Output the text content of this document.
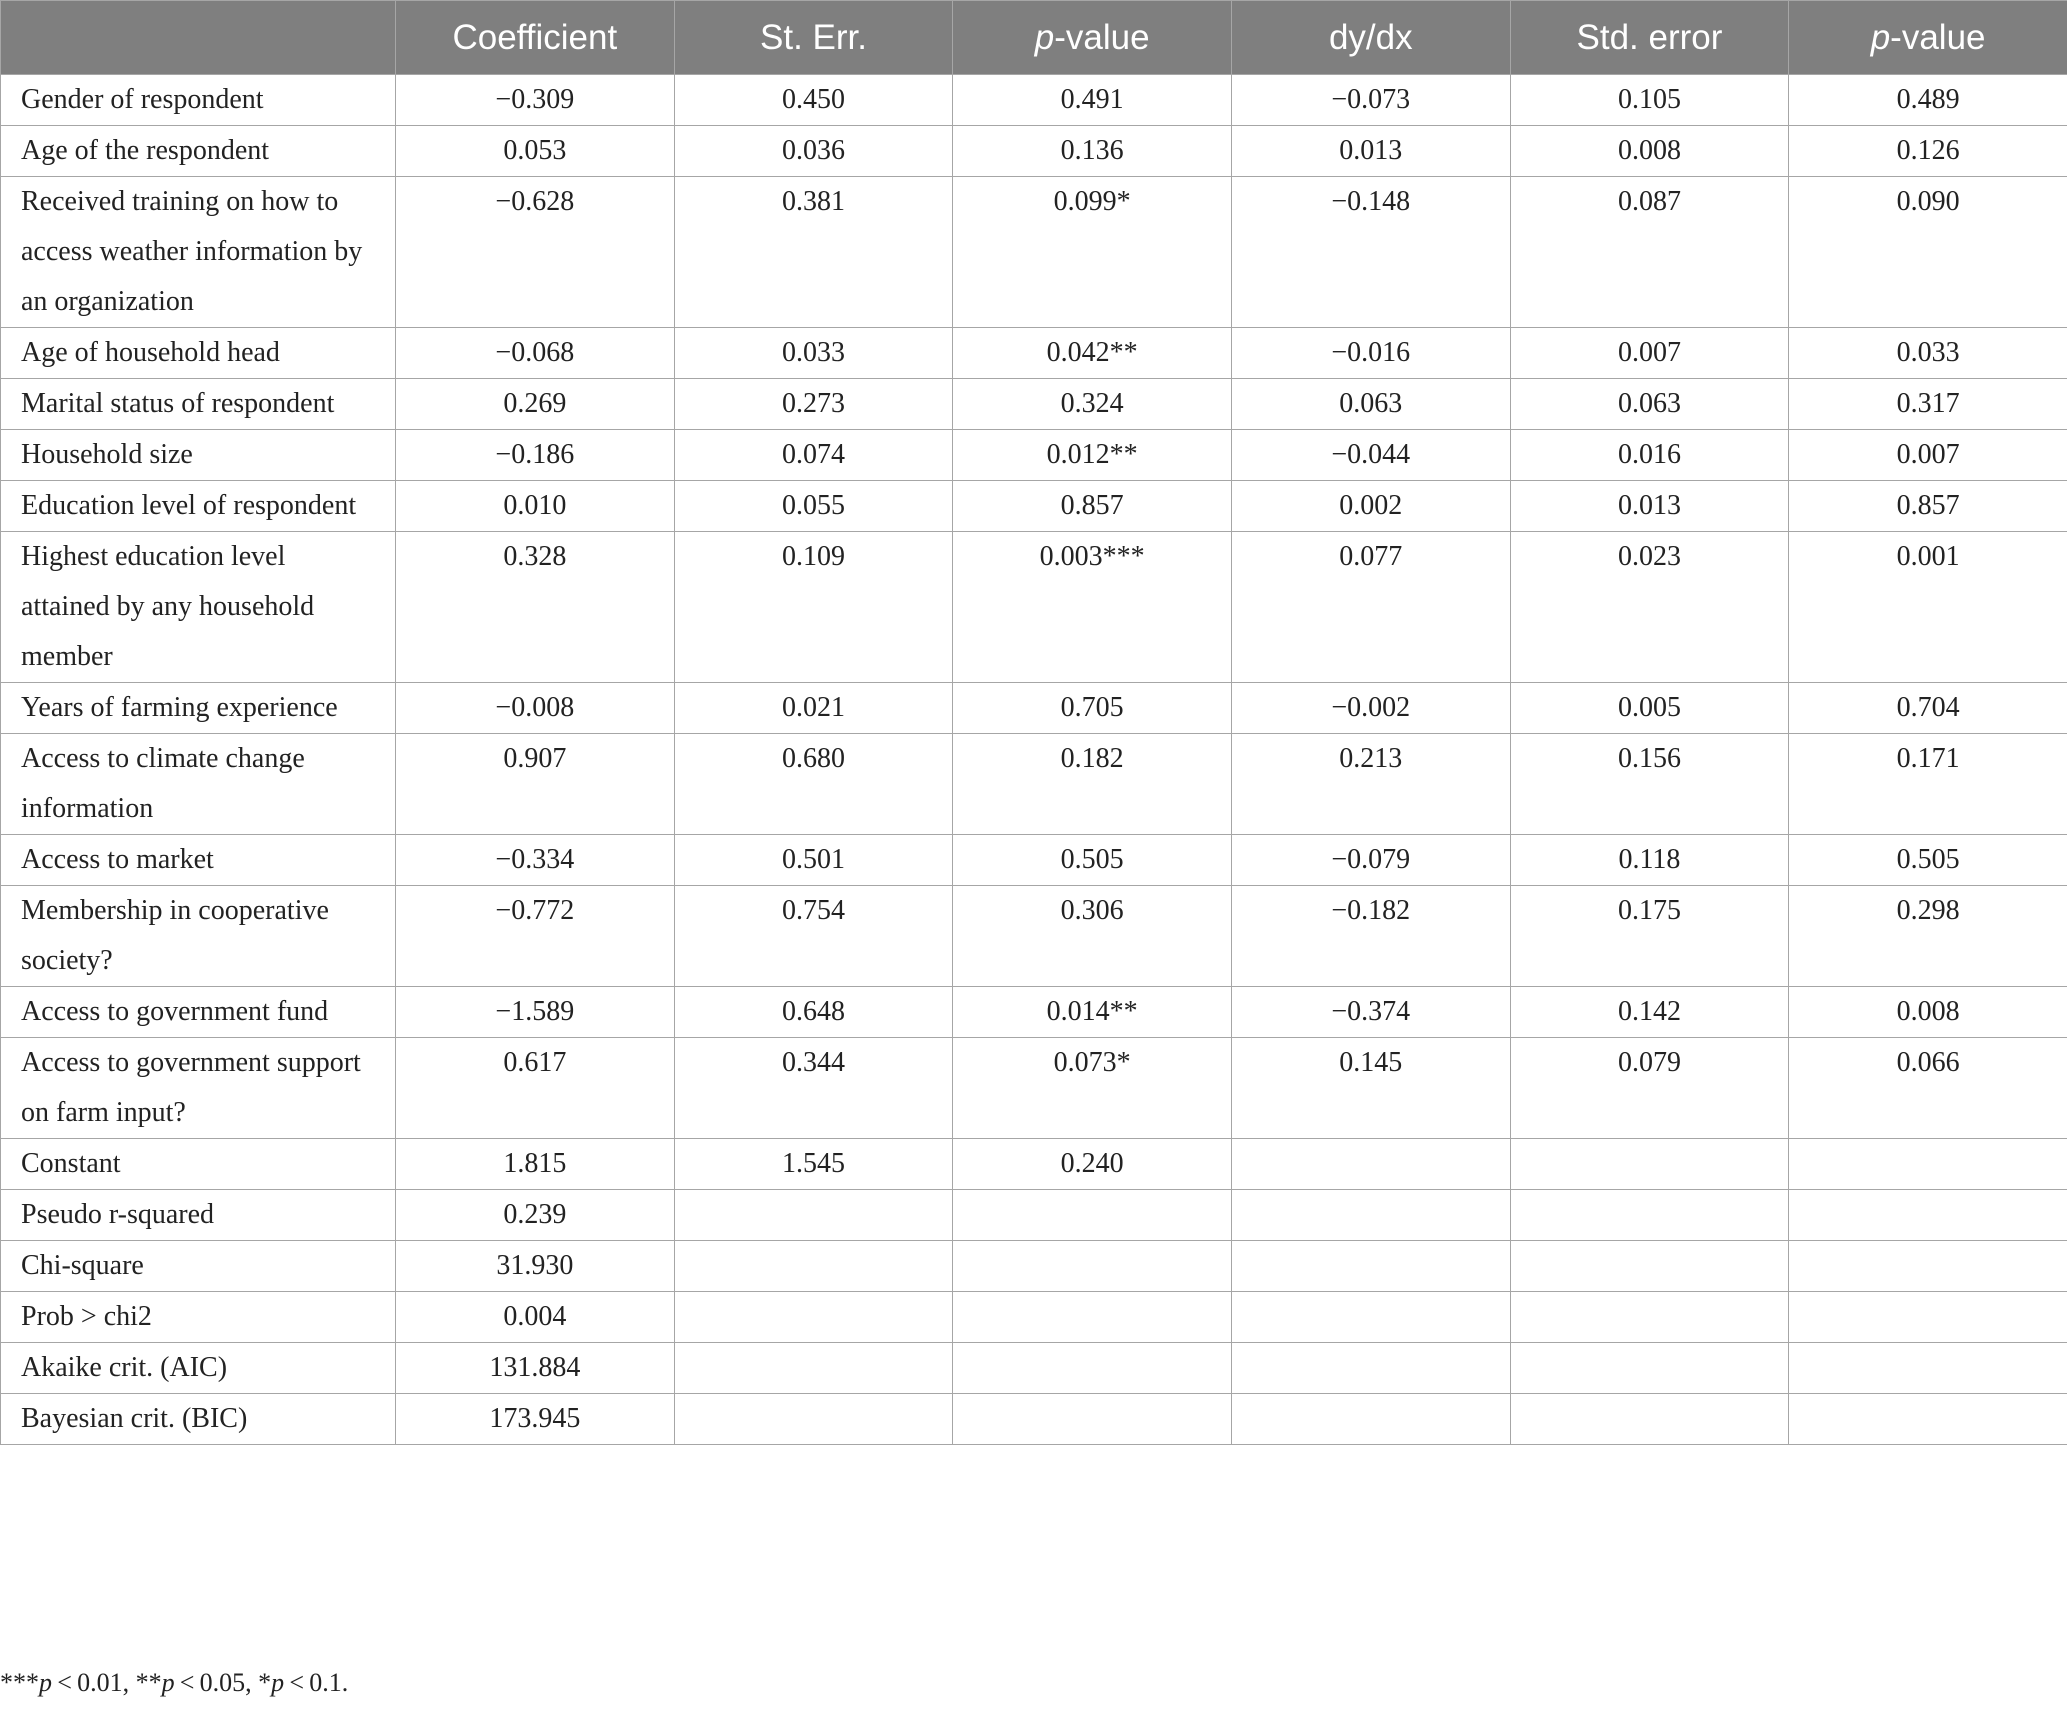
	Coefficient	St. Err.	p-value	dy/dx	Std. error	p-value
Gender of respondent	−0.309	0.450	0.491	−0.073	0.105	0.489
Age of the respondent	0.053	0.036	0.136	0.013	0.008	0.126
Received training on how to access weather information by an organization	−0.628	0.381	0.099*	−0.148	0.087	0.090
Age of household head	−0.068	0.033	0.042**	−0.016	0.007	0.033
Marital status of respondent	0.269	0.273	0.324	0.063	0.063	0.317
Household size	−0.186	0.074	0.012**	−0.044	0.016	0.007
Education level of respondent	0.010	0.055	0.857	0.002	0.013	0.857
Highest education level attained by any household member	0.328	0.109	0.003***	0.077	0.023	0.001
Years of farming experience	−0.008	0.021	0.705	−0.002	0.005	0.704
Access to climate change information	0.907	0.680	0.182	0.213	0.156	0.171
Access to market	−0.334	0.501	0.505	−0.079	0.118	0.505
Membership in cooperative society?	−0.772	0.754	0.306	−0.182	0.175	0.298
Access to government fund	−1.589	0.648	0.014**	−0.374	0.142	0.008
Access to government support on farm input?	0.617	0.344	0.073*	0.145	0.079	0.066
Constant	1.815	1.545	0.240			
Pseudo r-squared	0.239					
Chi-square	31.930					
Prob > chi2	0.004					
Akaike crit. (AIC)	131.884					
Bayesian crit. (BIC)	173.945					
***p < 0.01, **p < 0.05, *p < 0.1.
